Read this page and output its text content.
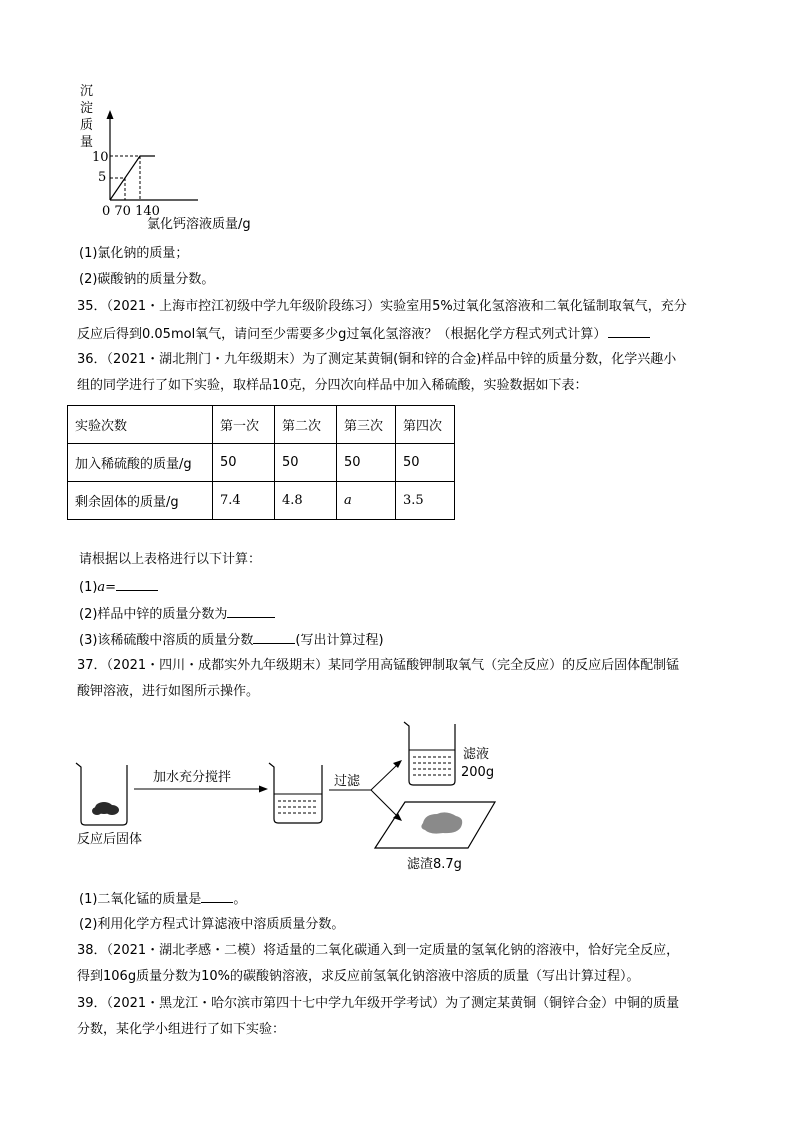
沉
淀
质
量
10
5
0 70 140
氯化钙溶液质量/g
(1)氯化钠的质量；
(2)碳酸钠的质量分数。
35．（2021・上海市控江初级中学九年级阶段练习）实验室用5%过氧化氢溶液和二氧化锰制取氧气，充分
反应后得到0.05mol氧气，请问至少需要多少g过氧化氢溶液？（根据化学方程式列式计算）
36．（2021・湖北荆门・九年级期末）为了测定某黄铜(铜和锌的合金)样品中锌的质量分数，化学兴趣小
组的同学进行了如下实验，取样品10克，分四次向样品中加入稀硫酸，实验数据如下表：
实验次数	第一次	第二次	第三次	第四次
加入稀硫酸的质量/g	50	50	50	50
剩余固体的质量/g	7.4	4.8	a	3.5
请根据以上表格进行以下计算：
(1)a=
(2)样品中锌的质量分数为
(3)该稀硫酸中溶质的质量分数	(写出计算过程)
37．（2021・四川・成都实外九年级期末）某同学用高锰酸钾制取氧气（完全反应）的反应后固体配制锰
酸钾溶液，进行如图所示操作。
反应后固体
加水充分搅拌	过滤
滤液
200g
滤渣8.7g
(1)二氧化锰的质量是 。
(2)利用化学方程式计算滤液中溶质质量分数。
38．（2021・湖北孝感・二模）将适量的二氧化碳通入到一定质量的氢氧化钠的溶液中，恰好完全反应，
得到106g质量分数为10%的碳酸钠溶液，求反应前氢氧化钠溶液中溶质的质量（写出计算过程）。
39．（2021・黑龙江・哈尔滨市第四十七中学九年级开学考试）为了测定某黄铜（铜锌合金）中铜的质量
分数，某化学小组进行了如下实验：
